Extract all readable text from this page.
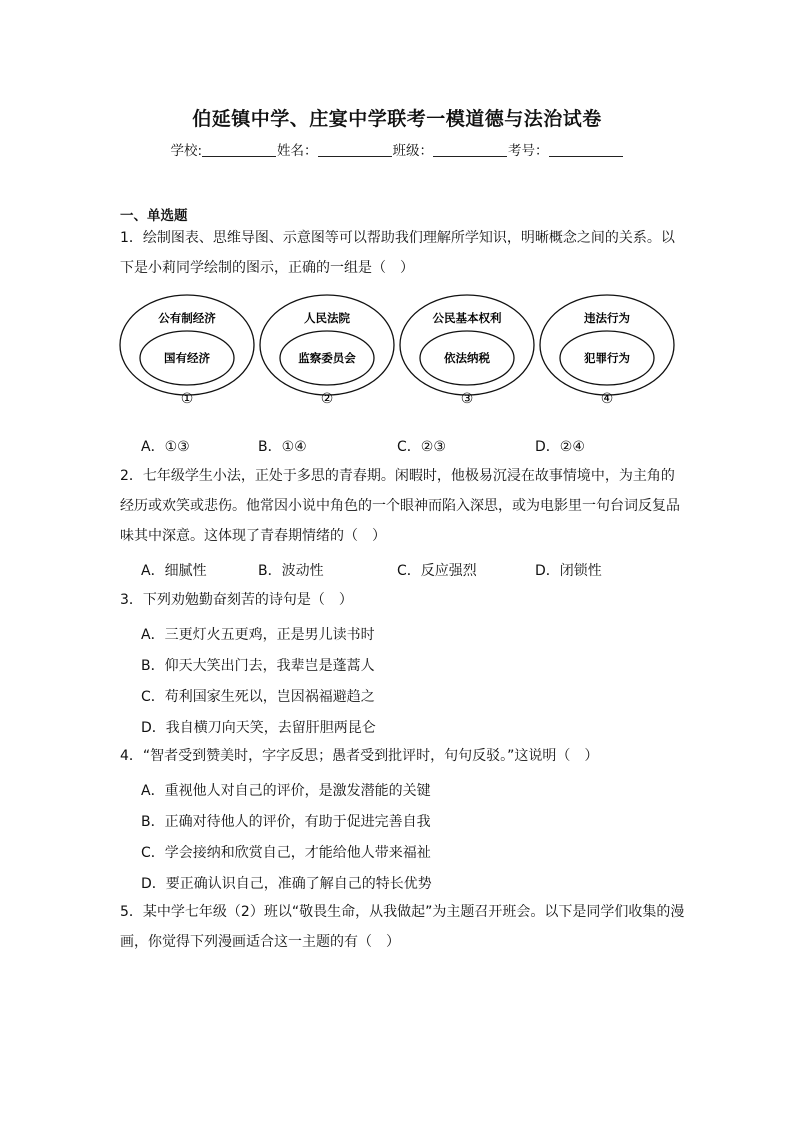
伯延镇中学、庄宴中学联考一模道德与法治试卷
学校:	姓名：	班级：	考号：
一、单选题
1．绘制图表、思维导图、示意图等可以帮助我们理解所学知识，明晰概念之间的关系。以
下是小莉同学绘制的图示，正确的一组是（　）
公有制经济
国有经济
①
人民法院
监察委员会
②
公民基本权利
依法纳税
③
违法行为
犯罪行为
④
A．①③	B．①④	C．②③	D．②④
2．七年级学生小法，正处于多思的青春期。闲暇时，他极易沉浸在故事情境中，为主角的
经历或欢笑或悲伤。他常因小说中角色的一个眼神而陷入深思，或为电影里一句台词反复品
味其中深意。这体现了青春期情绪的（　）
A．细腻性	B．波动性	C．反应强烈	D．闭锁性
3．下列劝勉勤奋刻苦的诗句是（　）
A．三更灯火五更鸡，正是男儿读书时
B．仰天大笑出门去，我辈岂是蓬蒿人
C．苟利国家生死以，岂因祸福避趋之
D．我自横刀向天笑，去留肝胆两昆仑
4．“智者受到赞美时，字字反思；愚者受到批评时，句句反驳。”这说明（　）
A．重视他人对自己的评价，是激发潜能的关键
B．正确对待他人的评价，有助于促进完善自我
C．学会接纳和欣赏自己，才能给他人带来福祉
D．要正确认识自己，准确了解自己的特长优势
5．某中学七年级（2）班以“敬畏生命，从我做起”为主题召开班会。以下是同学们收集的漫
画，你觉得下列漫画适合这一主题的有（　）
